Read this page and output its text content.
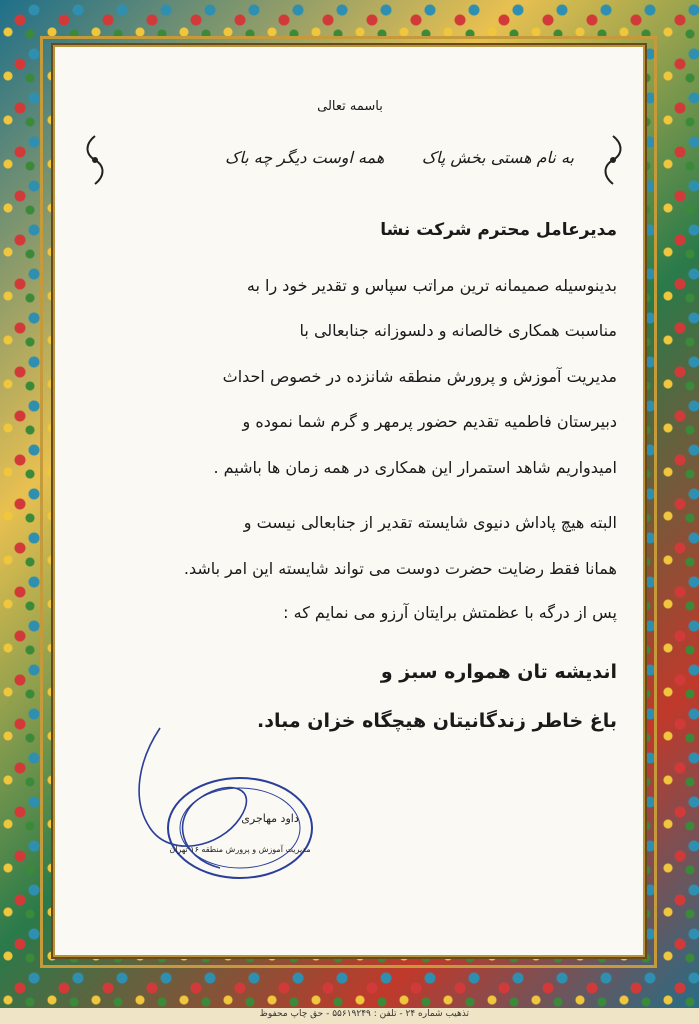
باسمه تعالی
به نام هستی بخش پاک
همه اوست دیگر چه باک
مدیرعامل محترم شرکت نشا
بدینوسیله صمیمانه ترین مراتب سپاس و تقدیر خود را به
مناسبت همکاری خالصانه و دلسوزانه جنابعالی با
مدیریت آموزش و پرورش منطقه شانزده در خصوص احداث
دبیرستان فاطمیه تقدیم حضور پرمهر و گرم شما نموده و
امیدواریم شاهد استمرار این همکاری در همه زمان ها باشیم .
البته هیچ پاداش دنیوی شایسته تقدیر از جنابعالی نیست و
همانا فقط رضایت حضرت دوست می تواند شایسته این امر باشد.
پس از درگه با عظمتش برایتان آرزو می نمایم که :
اندیشه تان همواره سبز و
باغ خاطر زندگانیتان هیچگاه خزان مباد.
داود مهاجری
مدیریت آموزش و پرورش منطقه ۱۶ تهران
تذهیب شماره ۲۴ - تلفن : ۵۵۶۱۹۲۴۹ - حق چاپ محفوظ
